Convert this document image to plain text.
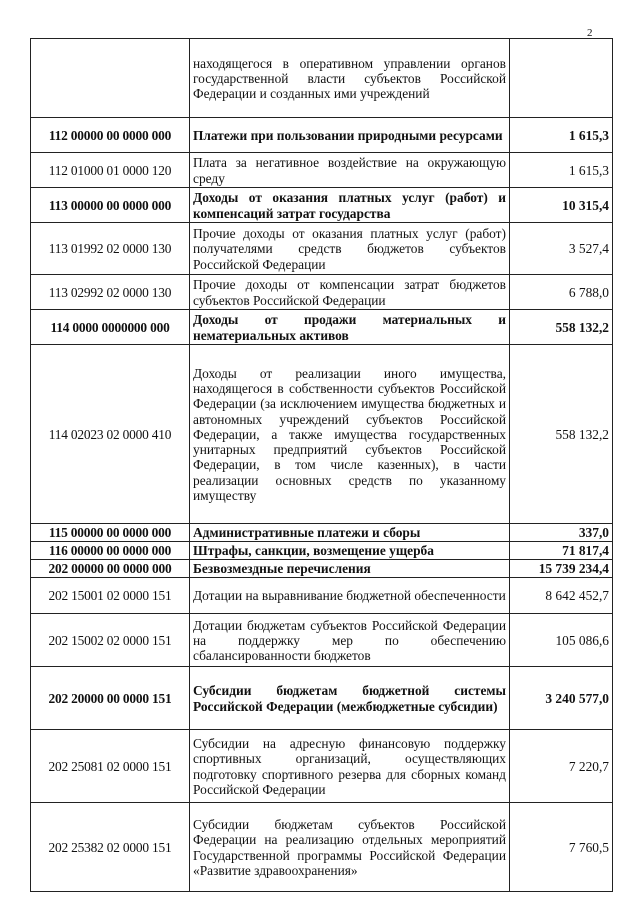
2
	находящегося в оперативном управлении органов государственной власти субъектов Российской Федерации и созданных ими учреждений	
112 00000 00 0000 000	Платежи при пользовании природными ресурсами	1 615,3
112 01000 01 0000 120	Плата за негативное воздействие на окружающую среду	1 615,3
113 00000 00 0000 000	Доходы от оказания платных услуг (работ) и компенсаций затрат государства	10 315,4
113 01992 02 0000 130	Прочие доходы от оказания платных услуг (работ) получателями средств бюджетов субъектов Российской Федерации	3 527,4
113 02992 02 0000 130	Прочие доходы от компенсации затрат бюджетов субъектов Российской Федерации	6 788,0
114 0000 0000000 000	Доходы от продажи материальных и нематериальных активов	558 132,2
114 02023 02 0000 410	Доходы от реализации иного имущества, находящегося в собственности субъектов Российской Федерации (за исключением имущества бюджетных и автономных учреждений субъектов Российской Федерации, а также имущества государственных унитарных предприятий субъектов Российской Федерации, в том числе казенных), в части реализации основных средств по указанному имуществу	558 132,2
115 00000 00 0000 000	Административные платежи и сборы	337,0
116 00000 00 0000 000	Штрафы, санкции, возмещение ущерба	71 817,4
202 00000 00 0000 000	Безвозмездные перечисления	15 739 234,4
202 15001 02 0000 151	Дотации на выравнивание бюджетной обеспеченности	8 642 452,7
202 15002 02 0000 151	Дотации бюджетам субъектов Российской Федерации на поддержку мер по обеспечению сбалансированности бюджетов	105 086,6
202 20000 00 0000 151	Субсидии бюджетам бюджетной системы Российской Федерации (межбюджетные субсидии)	3 240 577,0
202 25081 02 0000 151	Субсидии на адресную финансовую поддержку спортивных организаций, осуществляющих подготовку спортивного резерва для сборных команд Российской Федерации	7 220,7
202 25382 02 0000 151	Субсидии бюджетам субъектов Российской Федерации на реализацию отдельных мероприятий Государственной программы Российской Федерации «Развитие здравоохранения»	7 760,5
